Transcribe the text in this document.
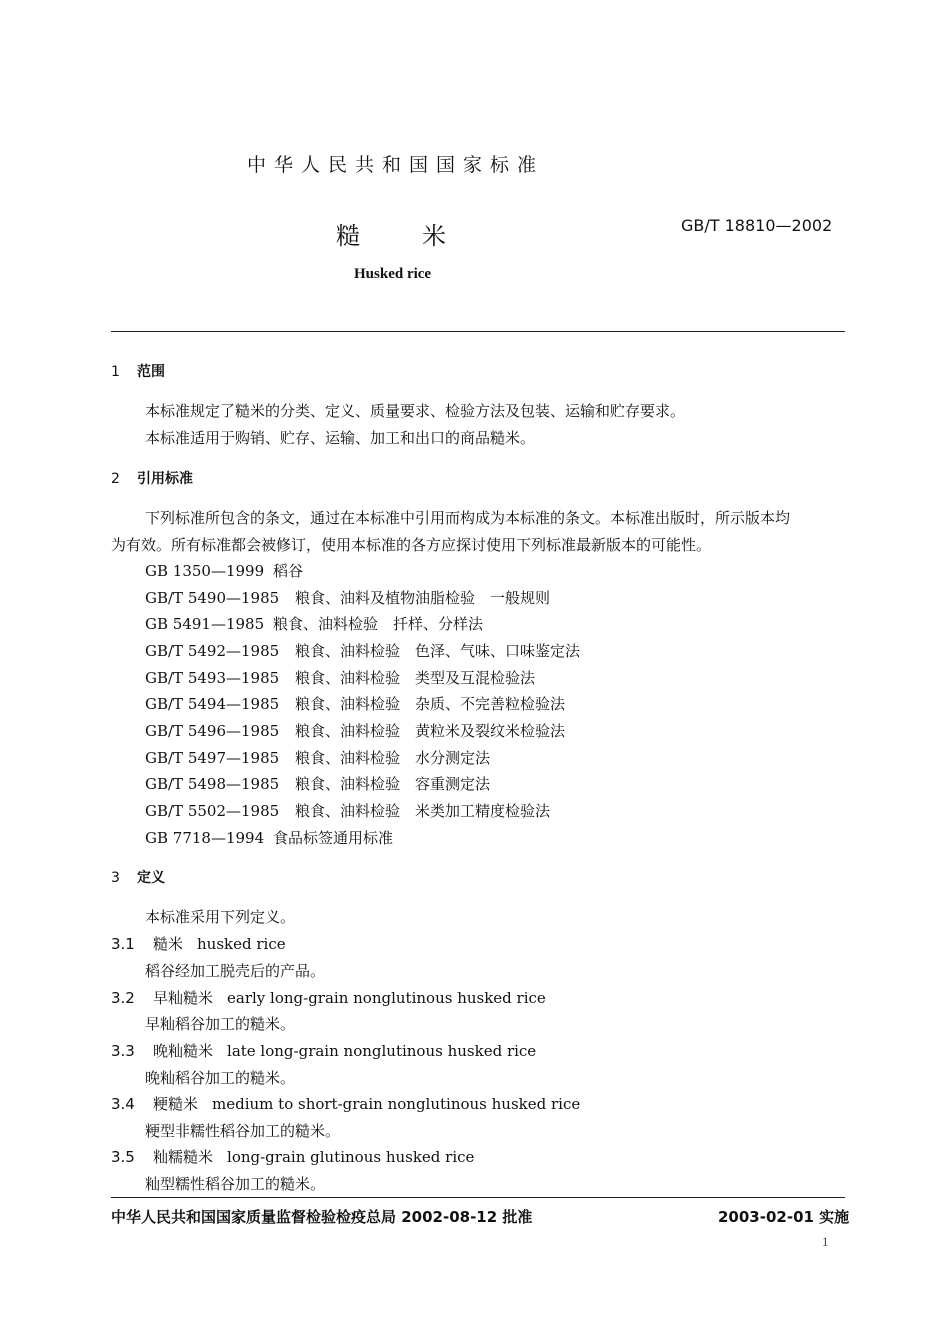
中华人民共和国国家标准
糙米	GB/T 18810—2002
Husked rice
1 范围
本标准规定了糙米的分类、定义、质量要求、检验方法及包装、运输和贮存要求。
本标准适用于购销、贮存、运输、加工和出口的商品糙米。
2 引用标准
下列标准所包含的条文，通过在本标准中引用而构成为本标准的条文。本标准出版时，所示版本均
为有效。所有标准都会被修订，使用本标准的各方应探讨使用下列标准最新版本的可能性。
GB 1350—1999 稻谷
GB/T 5490—1985 粮食、油料及植物油脂检验　一般规则
GB 5491—1985 粮食、油料检验　扦样、分样法
GB/T 5492—1985 粮食、油料检验　色泽、气味、口味鉴定法
GB/T 5493—1985 粮食、油料检验　类型及互混检验法
GB/T 5494—1985 粮食、油料检验　杂质、不完善粒检验法
GB/T 5496—1985 粮食、油料检验　黄粒米及裂纹米检验法
GB/T 5497—1985 粮食、油料检验　水分测定法
GB/T 5498—1985 粮食、油料检验　容重测定法
GB/T 5502—1985 粮食、油料检验　米类加工精度检验法
GB 7718—1994 食品标签通用标准
3 定义
本标准采用下列定义。
3.1 糙米 husked rice
稻谷经加工脱壳后的产品。
3.2 早籼糙米 early long-grain nonglutinous husked rice
早籼稻谷加工的糙米。
3.3 晚籼糙米 late long-grain nonglutinous husked rice
晚籼稻谷加工的糙米。
3.4 粳糙米 medium to short-grain nonglutinous husked rice
粳型非糯性稻谷加工的糙米。
3.5 籼糯糙米 long-grain glutinous husked rice
籼型糯性稻谷加工的糙米。
中华人民共和国国家质量监督检验检疫总局 2002-08-12 批准	2003-02-01 实施
1
